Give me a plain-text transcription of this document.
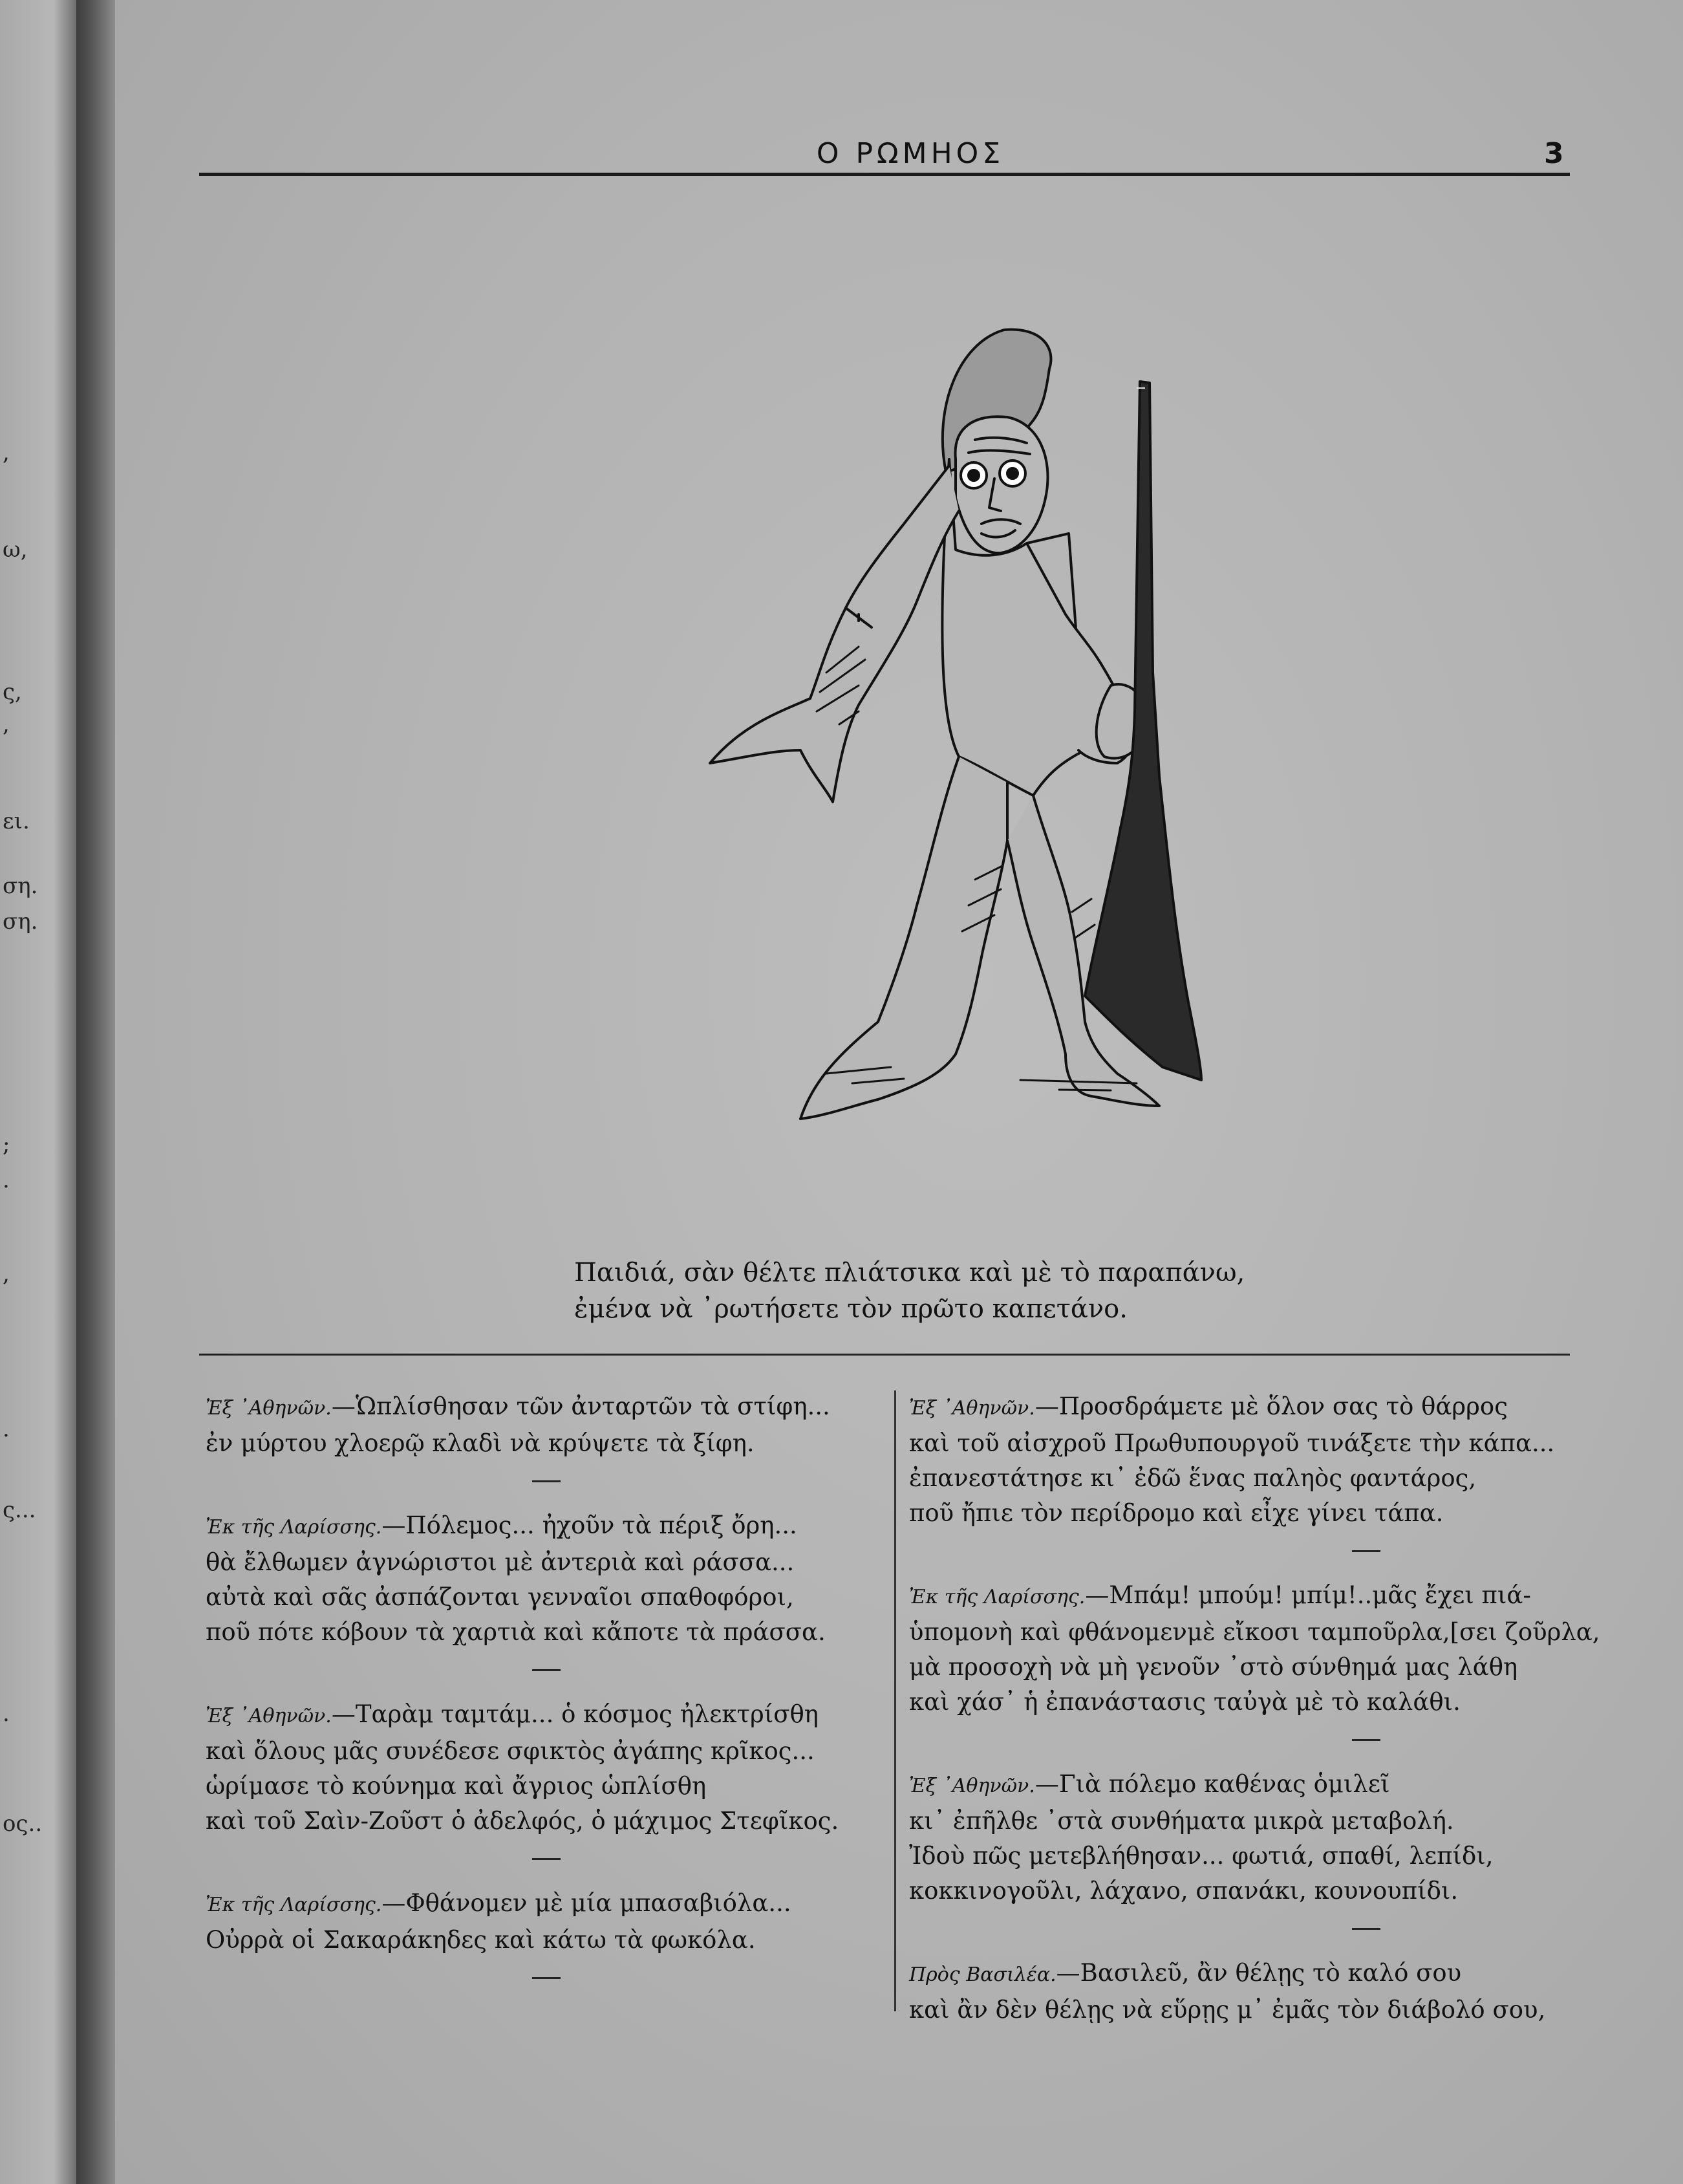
,
ω,
ς,
,
ει.
ση.
ση.
;
.
,
.
ς...
.
ος..
Ο ΡΩΜΗΟΣ	3
Παιδιά, σὰν θέλτε πλιάτσικα καὶ μὲ τὸ παραπάνω,
ἐμένα νὰ ᾽ρωτήσετε τὸν πρῶτο καπετάνο.
Ἐξ ᾽Αθηνῶν.—Ὡπλίσθησαν τῶν ἀνταρτῶν τὰ στίφη...
ἐν μύρτου χλοερῷ κλαδὶ νὰ κρύψετε τὰ ξίφη.
Ἐκ τῆς Λαρίσσης.—Πόλεμος... ἠχοῦν τὰ πέριξ ὄρη...
θὰ ἔλθωμεν ἀγνώριστοι μὲ ἀντεριὰ καὶ ράσσα...
αὐτὰ καὶ σᾶς ἀσπάζονται γενναῖοι σπαθοφόροι,
ποῦ πότε κόβουν τὰ χαρτιὰ καὶ κἄποτε τὰ πράσσα.
Ἐξ ᾽Αθηνῶν.—Ταρὰμ ταμτάμ... ὁ κόσμος ἠλεκτρίσθη
καὶ ὅλους μᾶς συνέδεσε σφικτὸς ἀγάπης κρῖκος...
ὡρίμασε τὸ κούνημα καὶ ἄγριος ὡπλίσθη
καὶ τοῦ Σαὶν-Ζοῦστ ὁ ἀδελφός, ὁ μάχιμος Στεφῖκος.
Ἐκ τῆς Λαρίσσης.—Φθάνομεν μὲ μία μπασαβιόλα...
Οὐρρὰ οἱ Σακαράκηδες καὶ κάτω τὰ φωκόλα.
Ἐξ ᾽Αθηνῶν.—Προσδράμετε μὲ ὅλον σας τὸ θάρρος
καὶ τοῦ αἰσχροῦ Πρωθυπουργοῦ τινάξετε τὴν κάπα...
ἐπανεστάτησε κι᾽ ἐδῶ ἕνας παληὸς φαντάρος,
ποῦ ἤπιε τὸν περίδρομο καὶ εἶχε γίνει τάπα.
Ἐκ τῆς Λαρίσσης.—Μπάμ! μπούμ! μπίμ!..μᾶς ἔχει πιά-
ὑπομονὴ καὶ φθάνομενμὲ εἴκοσι ταμποῦρλα,[σει ζοῦρλα,
μὰ προσοχὴ νὰ μὴ γενοῦν ᾽στὸ σύνθημά μας λάθη
καὶ χάσ᾽ ἡ ἐπανάστασις ταὐγὰ μὲ τὸ καλάθι.
Ἐξ ᾽Αθηνῶν.—Γιὰ πόλεμο καθένας ὁμιλεῖ
κι᾽ ἐπῆλθε ᾽στὰ συνθήματα μικρὰ μεταβολή.
Ἰδοὺ πῶς μετεβλήθησαν... φωτιά, σπαθί, λεπίδι,
κοκκινογοῦλι, λάχανο, σπανάκι, κουνουπίδι.
Πρὸς Βασιλέα.—Βασιλεῦ, ἂν θέλῃς τὸ καλό σου
καὶ ἂν δὲν θέλῃς νὰ εὕρῃς μ᾽ ἐμᾶς τὸν διάβολό σου,
